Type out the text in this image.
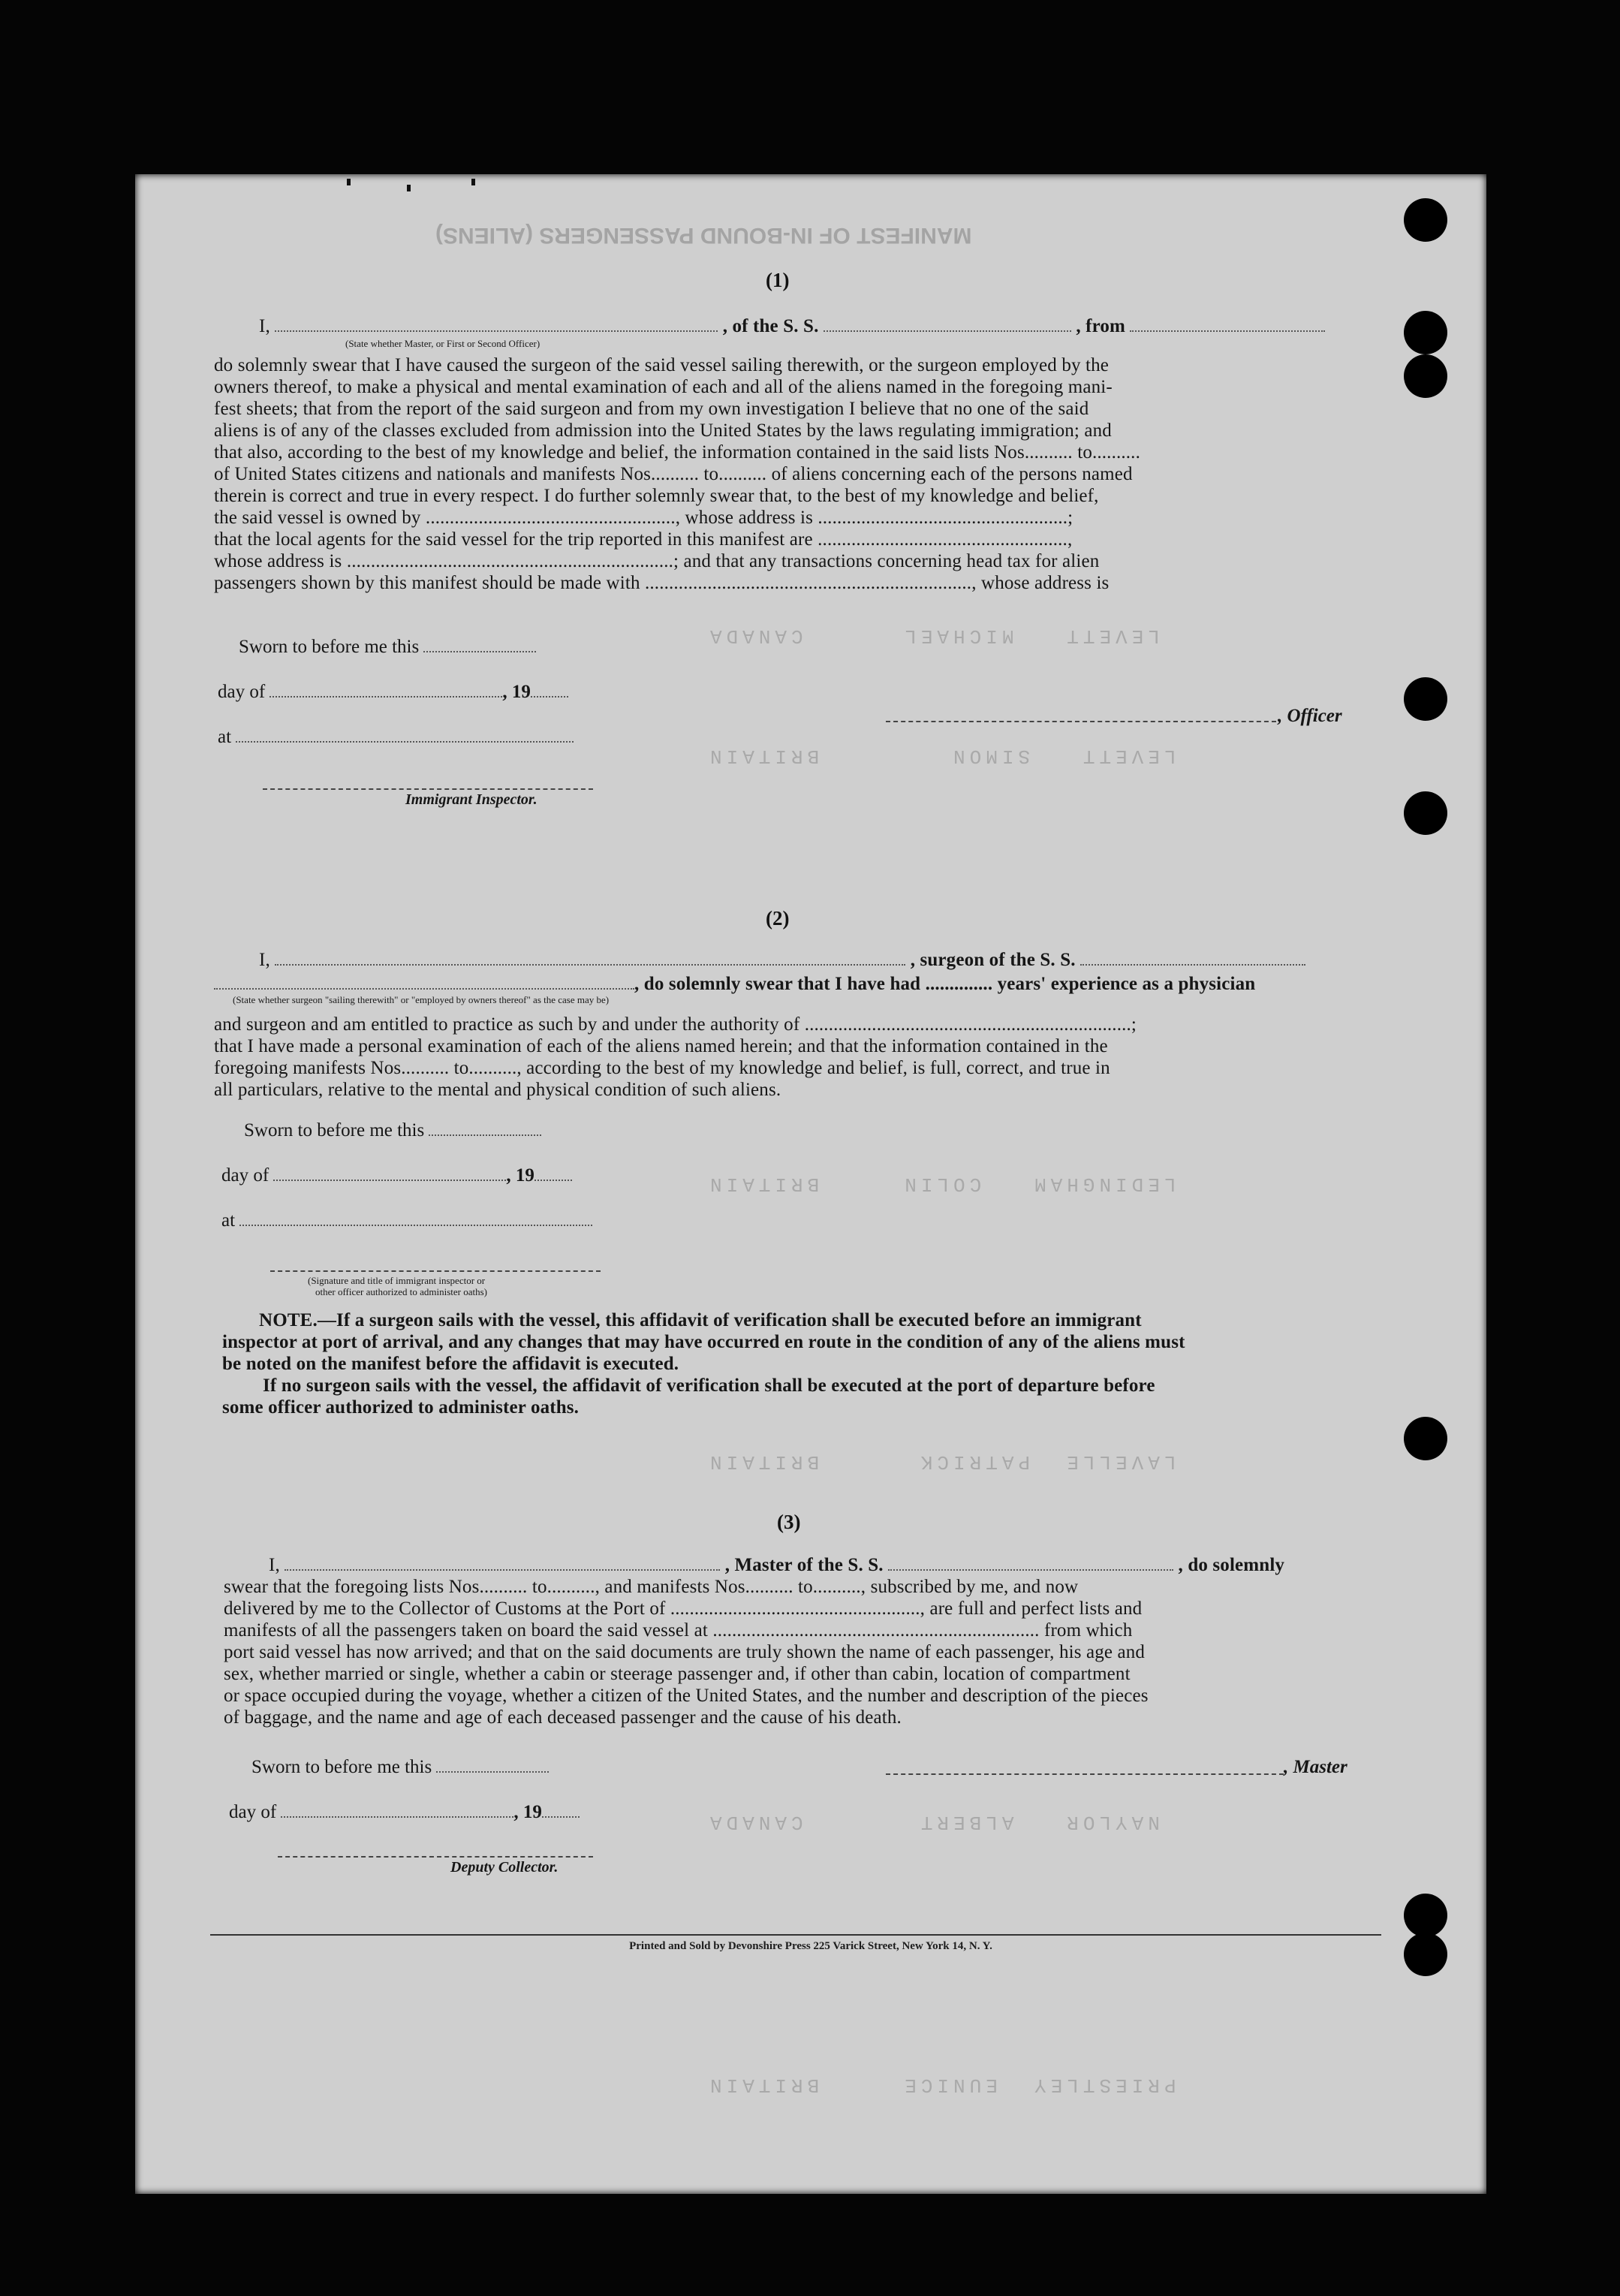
MANIFEST OF IN-BOUND PASSENGERS (ALIENS)
LEVETT   MICHAEL      CANADA
LEVETT   SIMON        BRITAIN
LEDINGHAM   COLIN     BRITAIN
LAVELLE  PATRICK      BRITAIN
NAYLOR   ALBERT       CANADA
PRIESTLEY  EUNICE     BRITAIN
(1)
I,	, of the S. S.	, from
(State whether Master, or First or Second Officer)
do solemnly swear that I have caused the surgeon of the said vessel sailing therewith, or the surgeon employed by the
owners thereof, to make a physical and mental examination of each and all of the aliens named in the foregoing mani-
fest sheets; that from the report of the said surgeon and from my own investigation I believe that no one of the said
aliens is of any of the classes excluded from admission into the United States by the laws regulating immigration; and
that also, according to the best of my knowledge and belief, the information contained in the said lists Nos.......... to..........
of United States citizens and nationals and manifests Nos.......... to.......... of aliens concerning each of the persons named
therein is correct and true in every respect. I do further solemnly swear that, to the best of my knowledge and belief,
the said vessel is owned by ...................................................., whose address is ....................................................;
that the local agents for the said vessel for the trip reported in this manifest are ....................................................,
whose address is ....................................................................; and that any transactions concerning head tax for alien
passengers shown by this manifest should be made with ...................................................................., whose address is
Sworn to before me this
day of	, 19
at
, Officer
Immigrant Inspector.
(2)
I,	, surgeon of the S. S.
, do solemnly swear that I have had .............. years' experience as a physician
(State whether surgeon "sailing therewith" or "employed by owners thereof" as the case may be)
and surgeon and am entitled to practice as such by and under the authority of ....................................................................;
that I have made a personal examination of each of the aliens named herein; and that the information contained in the
foregoing manifests Nos.......... to.........., according to the best of my knowledge and belief, is full, correct, and true in
all particulars, relative to the mental and physical condition of such aliens.
Sworn to before me this
day of	, 19
at
(Signature and title of immigrant inspector or
other officer authorized to administer oaths)
NOTE.—If a surgeon sails with the vessel, this affidavit of verification shall be executed before an immigrant
inspector at port of arrival, and any changes that may have occurred en route in the condition of any of the aliens must
be noted on the manifest before the affidavit is executed.
If no surgeon sails with the vessel, the affidavit of verification shall be executed at the port of departure before
some officer authorized to administer oaths.
(3)
I,	, Master of the S. S.	, do solemnly
swear that the foregoing lists Nos.......... to.........., and manifests Nos.......... to.........., subscribed by me, and now
delivered by me to the Collector of Customs at the Port of ...................................................., are full and perfect lists and
manifests of all the passengers taken on board the said vessel at .................................................................... from which
port said vessel has now arrived; and that on the said documents are truly shown the name of each passenger, his age and
sex, whether married or single, whether a cabin or steerage passenger and, if other than cabin, location of compartment
or space occupied during the voyage, whether a citizen of the United States, and the number and description of the pieces
of baggage, and the name and age of each deceased passenger and the cause of his death.
Sworn to before me this
day of	, 19
, Master
Deputy Collector.
Printed and Sold by Devonshire Press 225 Varick Street, New York 14, N. Y.
